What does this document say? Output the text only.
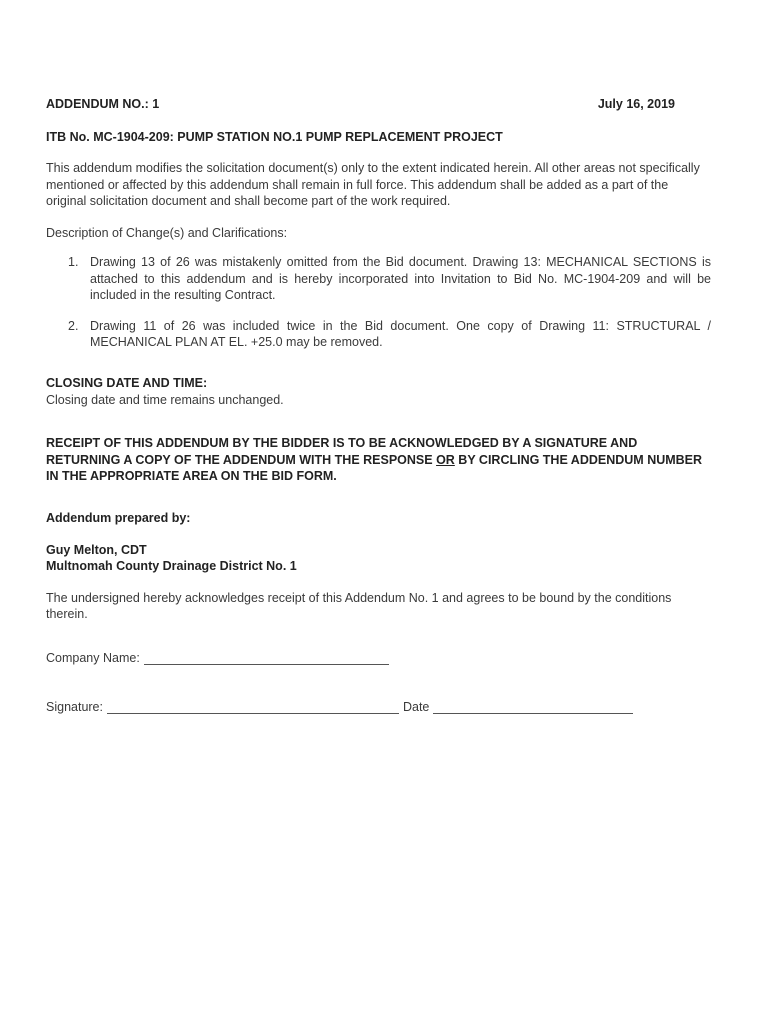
ADDENDUM NO.: 1	July 16, 2019
ITB No. MC-1904-209: PUMP STATION NO.1 PUMP REPLACEMENT PROJECT

This addendum modifies the solicitation document(s) only to the extent indicated herein. All other areas not specifically mentioned or affected by this addendum shall remain in full force. This addendum shall be added as a part of the original solicitation document and shall become part of the work required.

Description of Change(s) and Clarifications:

1. Drawing 13 of 26 was mistakenly omitted from the Bid document. Drawing 13: MECHANICAL SECTIONS is attached to this addendum and is hereby incorporated into Invitation to Bid No. MC-1904-209 and will be included in the resulting Contract.
2. Drawing 11 of 26 was included twice in the Bid document. One copy of Drawing 11: STRUCTURAL / MECHANICAL PLAN AT EL. +25.0 may be removed.
CLOSING DATE AND TIME:

Closing date and time remains unchanged.

RECEIPT OF THIS ADDENDUM BY THE BIDDER IS TO BE ACKNOWLEDGED BY A SIGNATURE AND RETURNING A COPY OF THE ADDENDUM WITH THE RESPONSE OR BY CIRCLING THE ADDENDUM NUMBER IN THE APPROPRIATE AREA ON THE BID FORM.

Addendum prepared by:
Guy Melton, CDT
Multnomah County Drainage District No. 1

The undersigned hereby acknowledges receipt of this Addendum No. 1 and agrees to be bound by the conditions therein.

Company Name:
Signature:	Date
